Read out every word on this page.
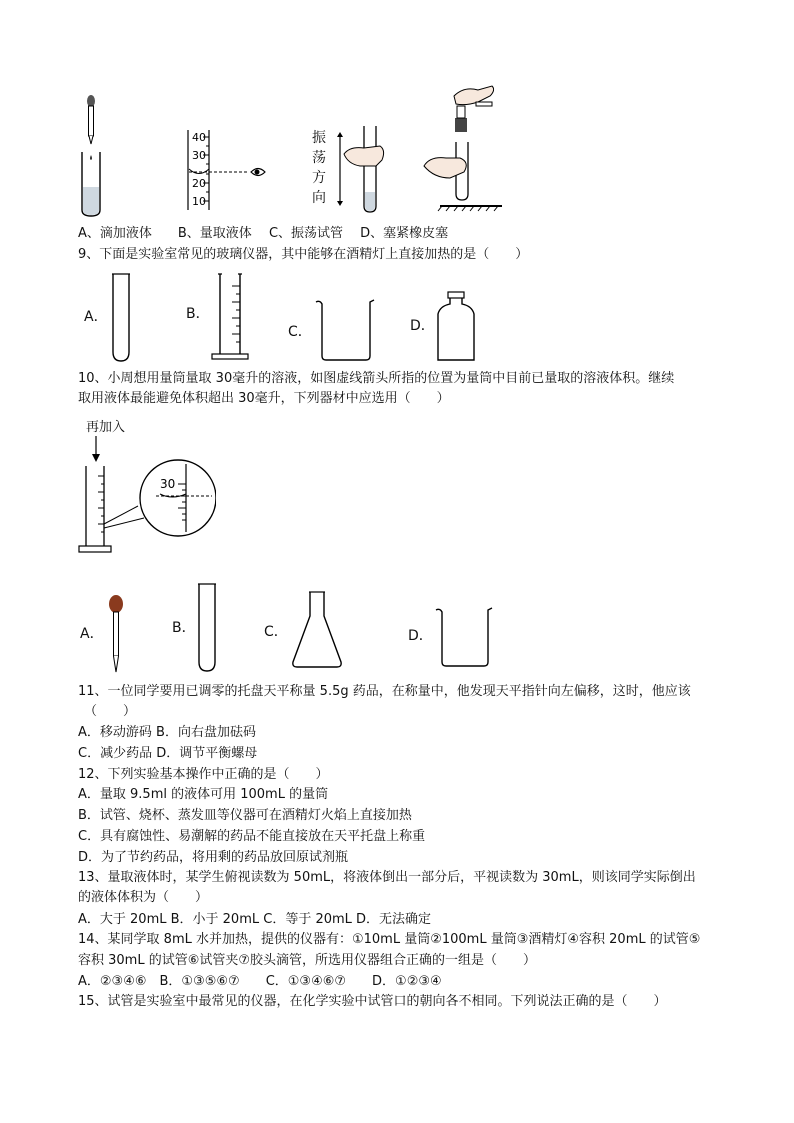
40
30
20
10
振
荡
方
向
A、滴加液体　　B、量取液体　 C、振荡试管　 D、塞紧橡皮塞
9、下面是实验室常见的玻璃仪器，其中能够在酒精灯上直接加热的是（　　）
A．	B．
C．	D．
10、小周想用量筒量取 30毫升的溶液，如图虚线箭头所指的位置为量筒中目前已量取的溶液体积。继续
取用液体最能避免体积超出 30毫升，下列器材中应选用（　　）
再加入
30
A．	B．	C．	D．
11、一位同学要用已调零的托盘天平称量 5.5g 药品，在称量中，他发现天平指针向左偏移，这时，他应该
（　　）
A．移动游码 B．向右盘加砝码
C．减少药品 D．调节平衡螺母
12、下列实验基本操作中正确的是（　　）
A．量取 9.5ml 的液体可用 100mL 的量筒
B．试管、烧杯、蒸发皿等仪器可在酒精灯火焰上直接加热
C．具有腐蚀性、易潮解的药品不能直接放在天平托盘上称重
D．为了节约药品，将用剩的药品放回原试剂瓶
13、量取液体时，某学生俯视读数为 50mL，将液体倒出一部分后，平视读数为 30mL，则该同学实际倒出
的液体体积为（　　）
A．大于 20mL B．小于 20mL C．等于 20mL D．无法确定
14、某同学取 8mL 水并加热，提供的仪器有：①10mL 量筒②100mL 量筒③酒精灯④容积 20mL 的试管⑤
容积 30mL 的试管⑥试管夹⑦胶头滴管，所选用仪器组合正确的一组是（　　）
A．②③④⑥　B．①③⑤⑥⑦　　C．①③④⑥⑦　　D．①②③④
15、试管是实验室中最常见的仪器，在化学实验中试管口的朝向各不相同。下列说法正确的是（　　）
